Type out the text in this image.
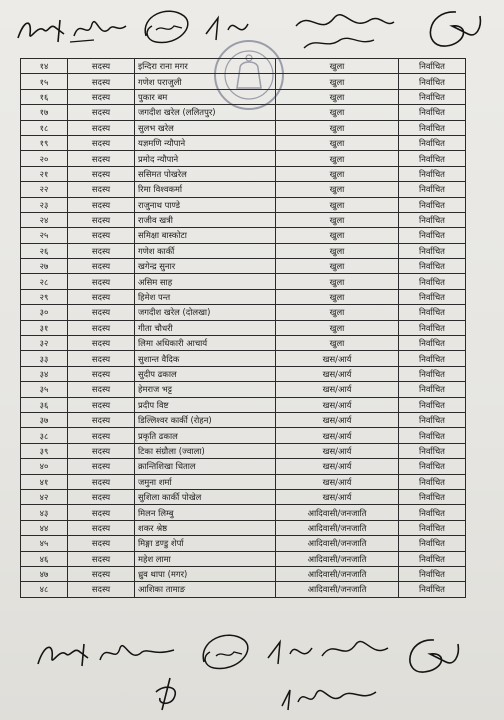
१४	सदस्य	इन्दिरा राना मगर	खुला	निर्वाचित
१५	सदस्य	गणेश पराजुली	खुला	निर्वाचित
१६	सदस्य	पुकार बम	खुला	निर्वाचित
१७	सदस्य	जगदीश खरेल (ललितपुर)	खुला	निर्वाचित
१८	सदस्य	सुलभ खरेल	खुला	निर्वाचित
१९	सदस्य	यज्ञमणि न्यौपाने	खुला	निर्वाचित
२०	सदस्य	प्रमोद न्यौपाने	खुला	निर्वाचित
२१	सदस्य	ससिमत पोखरेल	खुला	निर्वाचित
२२	सदस्य	रिमा विश्वकर्मा	खुला	निर्वाचित
२३	सदस्य	राजुनाथ पाण्डे	खुला	निर्वाचित
२४	सदस्य	राजीव खत्री	खुला	निर्वाचित
२५	सदस्य	समिक्षा बास्कोटा	खुला	निर्वाचित
२६	सदस्य	गणेश कार्की	खुला	निर्वाचित
२७	सदस्य	खगेन्द्र सुनार	खुला	निर्वाचित
२८	सदस्य	असिम साह	खुला	निर्वाचित
२९	सदस्य	हिमेश पन्त	खुला	निर्वाचित
३०	सदस्य	जगदीश खरेल (दोलखा)	खुला	निर्वाचित
३१	सदस्य	गीता चौधरी	खुला	निर्वाचित
३२	सदस्य	लिमा अधिकारी आचार्य	खुला	निर्वाचित
३३	सदस्य	सुशान्त वैदिक	खस/आर्य	निर्वाचित
३४	सदस्य	सुदीप ढकाल	खस/आर्य	निर्वाचित
३५	सदस्य	हेमराज भट्ट	खस/आर्य	निर्वाचित
३६	सदस्य	प्रदीप विष्ट	खस/आर्य	निर्वाचित
३७	सदस्य	डिल्लिश्वर कार्की (रोहन)	खस/आर्य	निर्वाचित
३८	सदस्य	प्रकृति ढकाल	खस/आर्य	निर्वाचित
३९	सदस्य	टिका संग्रौला (ज्वाला)	खस/आर्य	निर्वाचित
४०	सदस्य	क्रान्तिशिखा धिताल	खस/आर्य	निर्वाचित
४१	सदस्य	जमुना शर्मा	खस/आर्य	निर्वाचित
४२	सदस्य	सुशिला कार्की पोखेल	खस/आर्य	निर्वाचित
४३	सदस्य	मिलन लिम्बु	आदिवासी/जनजाति	निर्वाचित
४४	सदस्य	शकर श्रेष्ठ	आदिवासी/जनजाति	निर्वाचित
४५	सदस्य	मिङ्गा डण्डु शेर्पा	आदिवासी/जनजाति	निर्वाचित
४६	सदस्य	महेश लामा	आदिवासी/जनजाति	निर्वाचित
४७	सदस्य	ध्रुव थापा (मगर)	आदिवासी/जनजाति	निर्वाचित
४८	सदस्य	आशिका तामाङ	आदिवासी/जनजाति	निर्वाचित
